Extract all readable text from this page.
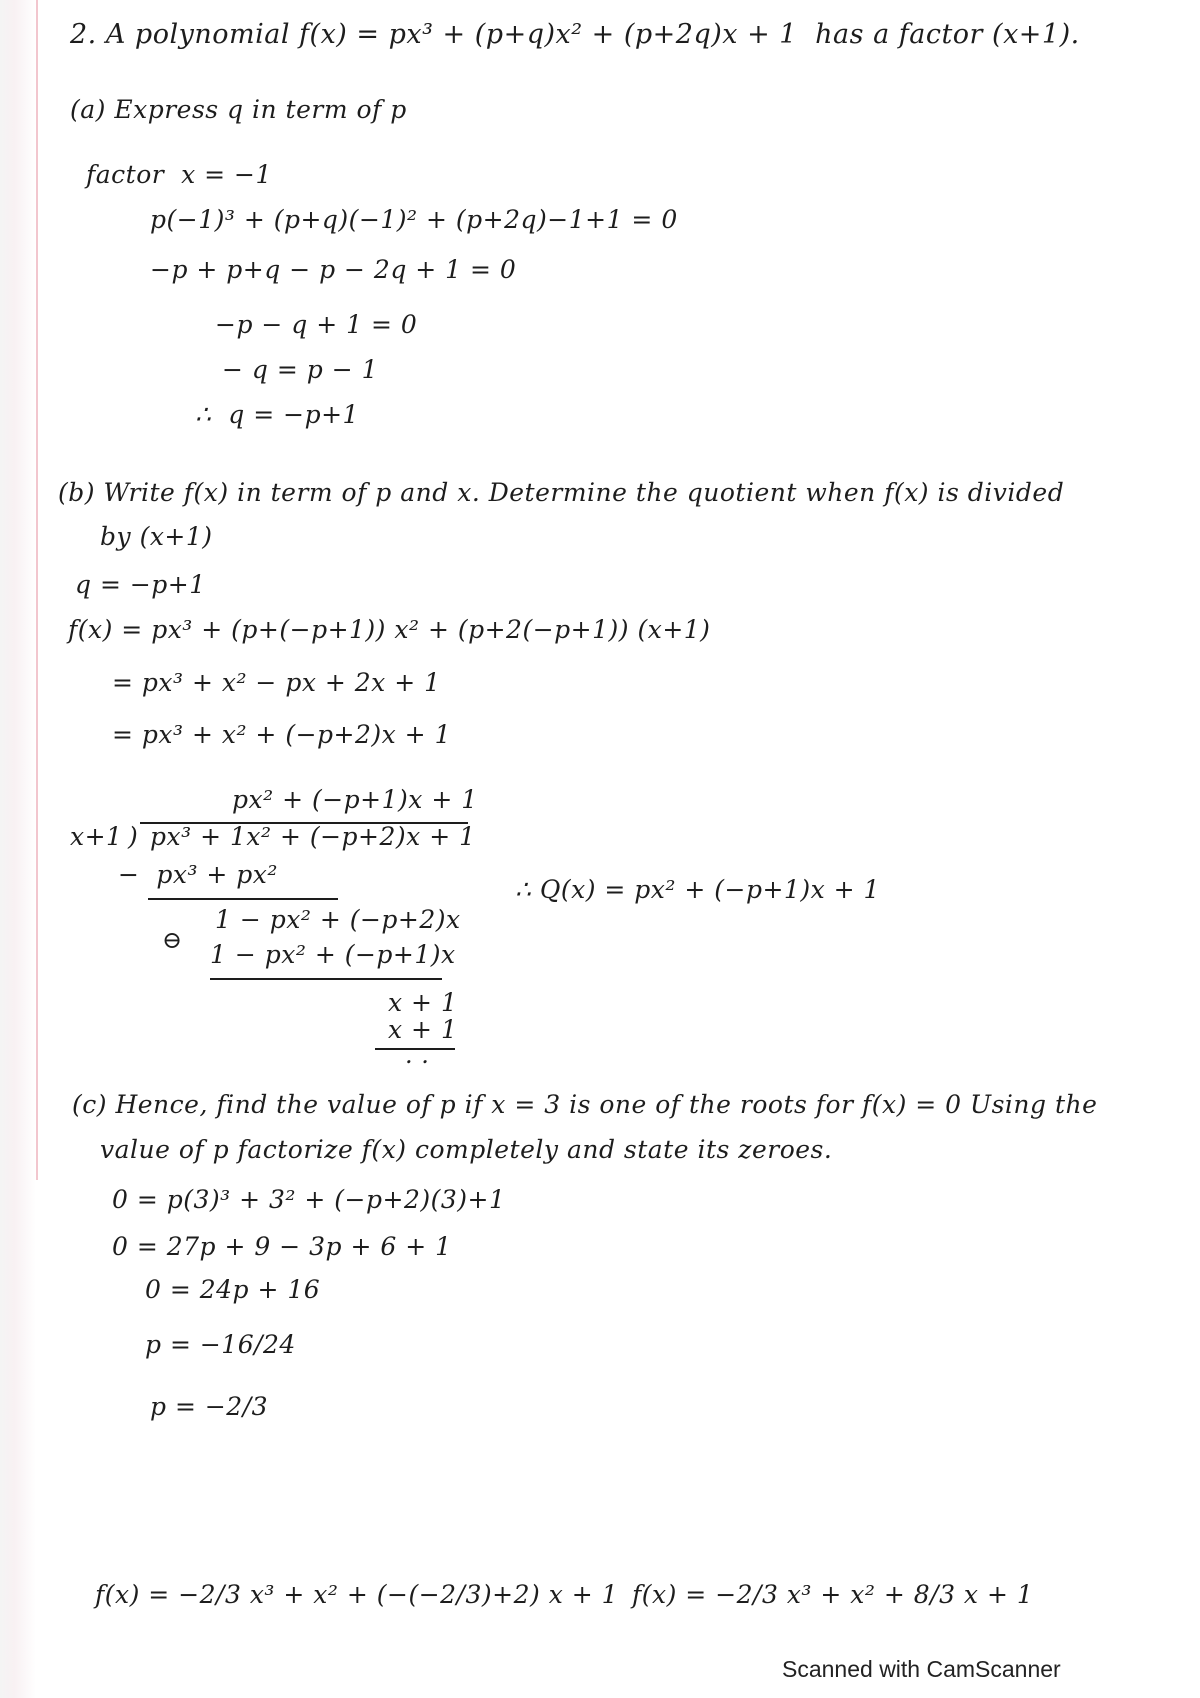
2. A polynomial f(x) = px³ + (p+q)x² + (p+2q)x + 1  has a factor (x+1).
(a) Express q in term of p
factor  x = −1
p(−1)³ + (p+q)(−1)² + (p+2q)−1+1 = 0
−p + p+q − p − 2q + 1 = 0
−p − q + 1 = 0
− q = p − 1
∴  q = −p+1
(b) Write f(x) in term of p and x. Determine the quotient when f(x) is divided
by (x+1)
q = −p+1
f(x) = px³ + (p+(−p+1)) x² + (p+2(−p+1)) (x+1)
= px³ + x² − px + 2x + 1
= px³ + x² + (−p+2)x + 1
px² + (−p+1)x + 1
x+1 ) px³ + 1x² + (−p+2)x + 1
−  px³ + px²
1 − px² + (−p+2)x
⊖ 1 − px² + (−p+1)x
x + 1
x + 1
. .
∴ Q(x) = px² + (−p+1)x + 1
(c) Hence, find the value of p if x = 3 is one of the roots for f(x) = 0 Using the
value of p factorize f(x) completely and state its zeroes.
0 = p(3)³ + 3² + (−p+2)(3)+1
0 = 27p + 9 − 3p + 6 + 1
0 = 24p + 16
p = −16/24
p = −2/3
f(x) = −2/3 x³ + x² + (−(−2/3)+2) x + 1 f(x) = −2/3 x³ + x² + 8/3 x + 1
Scanned with CamScanner
